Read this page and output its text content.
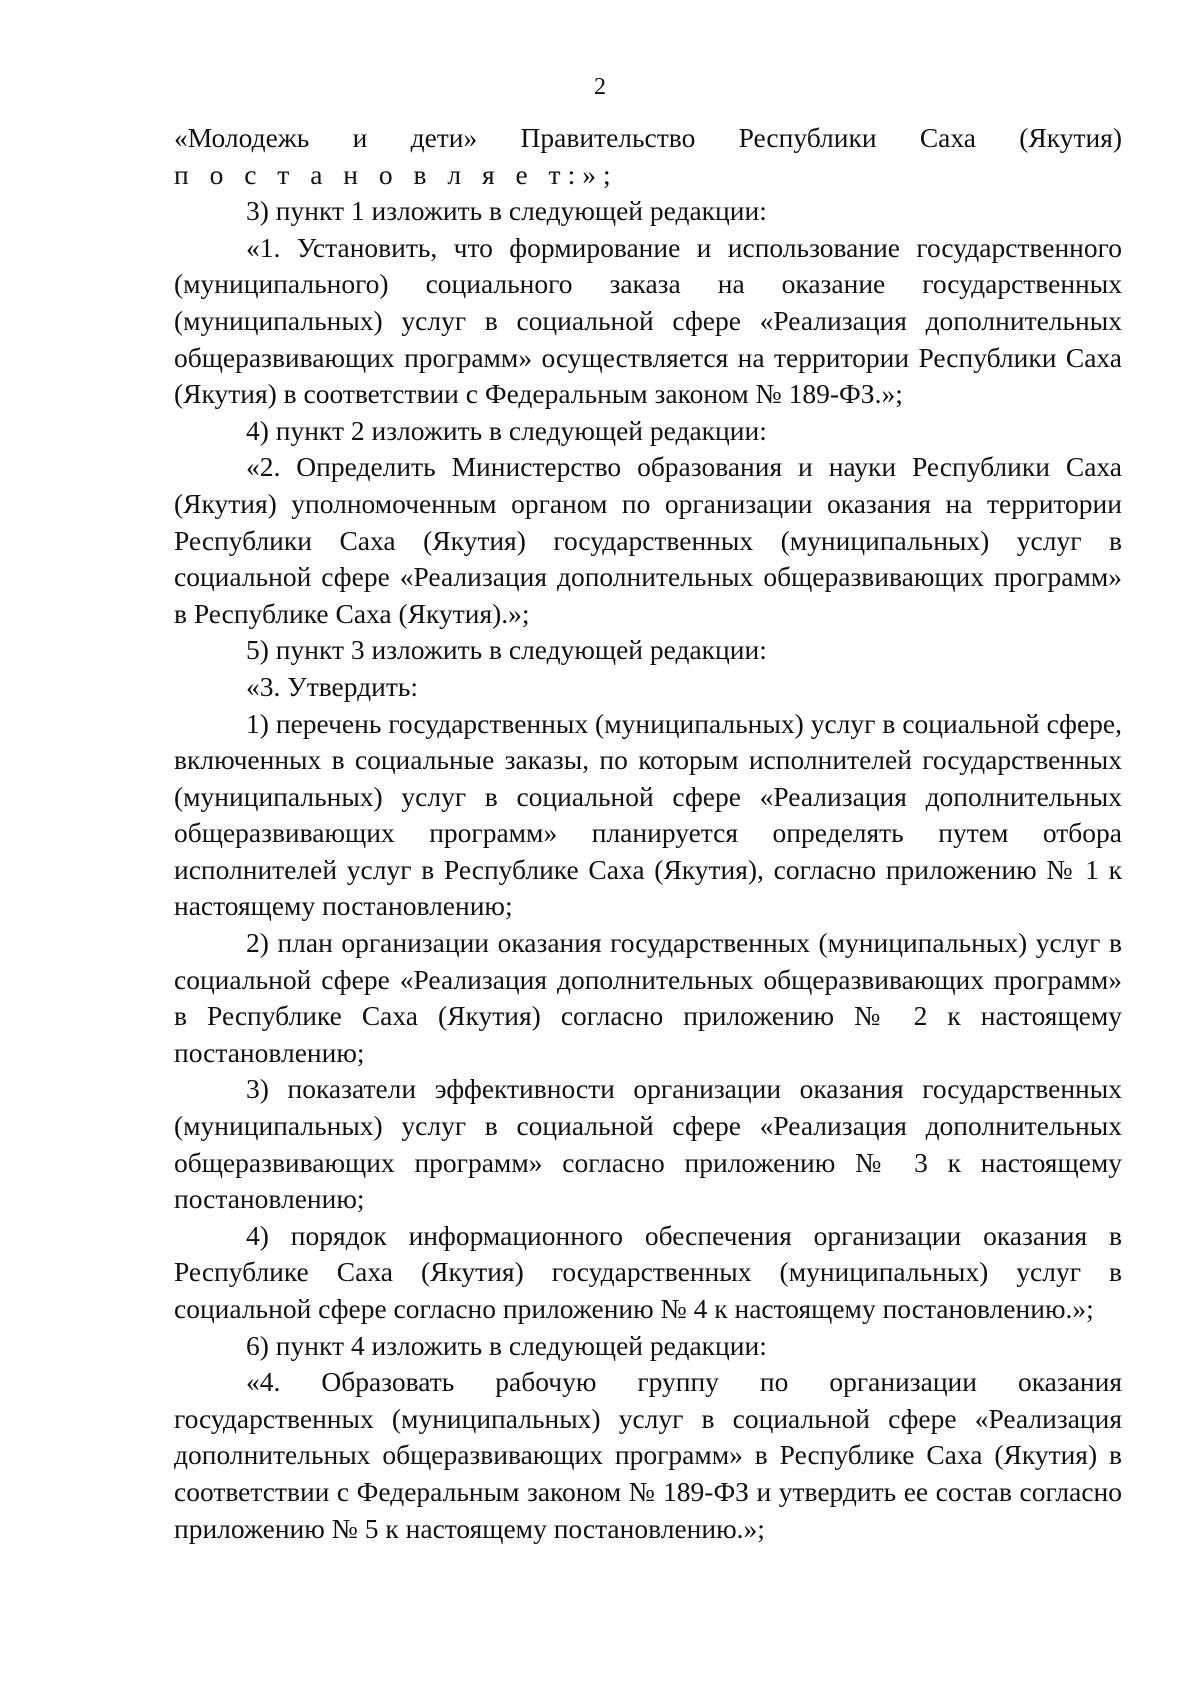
2

«Молодежь и дети» Правительство Республики Саха (Якутия)
п о с т а н о в л я е т:»;

3) пункт 1 изложить в следующей редакции:

«1. Установить, что формирование и использование государственного (муниципального) социального заказа на оказание государственных (муниципальных) услуг в социальной сфере «Реализация дополнительных общеразвивающих программ» осуществляется на территории Республики Саха (Якутия) в соответствии с Федеральным законом № 189-ФЗ.»;

4) пункт 2 изложить в следующей редакции:

«2. Определить Министерство образования и науки Республики Саха (Якутия) уполномоченным органом по организации оказания на территории Республики Саха (Якутия) государственных (муниципальных) услуг в социальной сфере «Реализация дополнительных общеразвивающих программ» в Республике Саха (Якутия).»;

5) пункт 3 изложить в следующей редакции:

«3. Утвердить:

1) перечень государственных (муниципальных) услуг в социальной сфере, включенных в социальные заказы, по которым исполнителей государственных (муниципальных) услуг в социальной сфере «Реализация дополнительных общеразвивающих программ» планируется определять путем отбора исполнителей услуг в Республике Саха (Якутия), согласно приложению № 1 к настоящему постановлению;

2) план организации оказания государственных (муниципальных) услуг в социальной сфере «Реализация дополнительных общеразвивающих программ» в Республике Саха (Якутия) согласно приложению № 2 к настоящему постановлению;

3) показатели эффективности организации оказания государственных (муниципальных) услуг в социальной сфере «Реализация дополнительных общеразвивающих программ» согласно приложению № 3 к настоящему постановлению;

4) порядок информационного обеспечения организации оказания в Республике Саха (Якутия) государственных (муниципальных) услуг в социальной сфере согласно приложению № 4 к настоящему постановлению.»;

6) пункт 4 изложить в следующей редакции:

«4. Образовать рабочую группу по организации оказания государственных (муниципальных) услуг в социальной сфере «Реализация дополнительных общеразвивающих программ» в Республике Саха (Якутия) в соответствии с Федеральным законом № 189-ФЗ и утвердить ее состав согласно приложению № 5 к настоящему постановлению.»;
